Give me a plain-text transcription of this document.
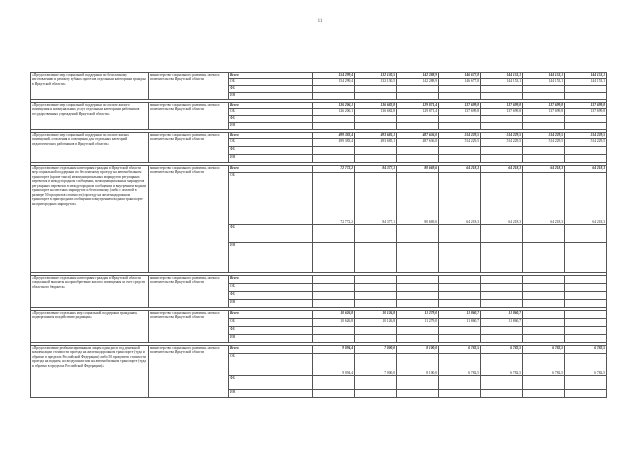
11
«Предоставление мер социальной поддержки по бесплатному изготовлению и ремонту зубных протезов отдельным категориям граждан в Иркутской области»	министерство социального развития, опеки и попечительства Иркутской области	Всего	154 299,4	132 130,5	142 288,9	146 677,8	144 153,1	144 153,1	144 153,1
		ОБ	154 299,4	132 130,5	142 288,9	146 677,8	144 153,1	144 153,1	144 153,1
		ФБ							
		ИН							

«Предоставление мер социальной поддержки по оплате жилого помещения и коммунальных услуг отдельным категориям работников государственных учреждений Иркутской области»	министерство социального развития, опеки и попечительства Иркутской области	Всего	126 206,1	136 682,8	129 871,4	137 699,8	137 699,8	137 699,8	137 699,8
		ОБ	126 206,1	136 682,8	129 871,4	137 699,8	137 699,8	137 699,8	137 699,8
		ФБ							
		ИН							

«Предоставление мер социальной поддержки по оплате жилых помещений, отопления и освещения для отдельных категорий педагогических работников в Иркутской области»	министерство социального развития, опеки и попечительства Иркутской области	Всего	499 383,4	493 685,1	487 636,0	514 229,5	514 229,5	514 229,5	514 229,5
		ОБ	499 383,4	493 685,1	487 636,0	514 229,5	514 229,5	514 229,5	514 229,5
		ФБ							
		ИН							

«Предоставление отдельным категориям граждан в Иркутской области мер социальной поддержки по бесплатному проезду на автомобильном транспорте (кроме такси) межмуниципальных маршрутов регулярных перевозок в междугородном сообщении, межмуниципальных маршрутов регулярных перевозок в междугородном сообщении и внутреннем водном транспорте на местных маршрутах и бесплатному (либо с оплатой в размере 50 процентов стоимости) проезду на железнодорожном транспорте в пригородном сообщении и внутреннем водном транспорте на пригородных маршрутах»	министерство социального развития, опеки и попечительства Иркутской области	Всего	72 772,2	84 377,1	80 669,6	64 218,3	64 218,3	64 218,3	64 218,3
		ОБ	72 772,2	84 377,1	80 669,6	64 218,3	64 218,3	64 218,3	64 218,3
		ФБ							
		ИН							

«Предоставление отдельным категориям граждан в Иркутской области социальной выплаты на приобретение жилого помещения за счет средств областного бюджета»	министерство социального развития, опеки и попечительства Иркутской области	Всего							
		ОБ							
		ФБ							
		ИН							

«Предоставление отдельных мер социальной поддержки гражданам, подвергшимся воздействию радиации»	министерство социального развития, опеки и попечительства Иркутской области	Всего	10 626,8	10 126,8	11 279,0	11 860,7	11 860,7		
		ОБ	10 626,8	10 126,8	11 279,0	11 860,7	11 860,7		
		ФБ							
		ИН							

«Предоставление реабилитированным лицам один раз в год денежной компенсации стоимости проезда на железнодорожном транспорте (туда и обратно в пределах Российской Федерации) либо 50 процентов стоимости проезда на водном, на воздушном или на автомобильном транспорте (туда и обратно в пределах Российской Федерации)»	министерство социального развития, опеки и попечительства Иркутской области	Всего	9 094,4	7 000,0	8 100,0	6 782,5	6 782,5	6 782,5	6 782,5
		ОБ	9 094,4	7 000,0	8 100,0	6 782,5	6 782,5	6 782,5	6 782,5
		ФБ							
		ИН							
